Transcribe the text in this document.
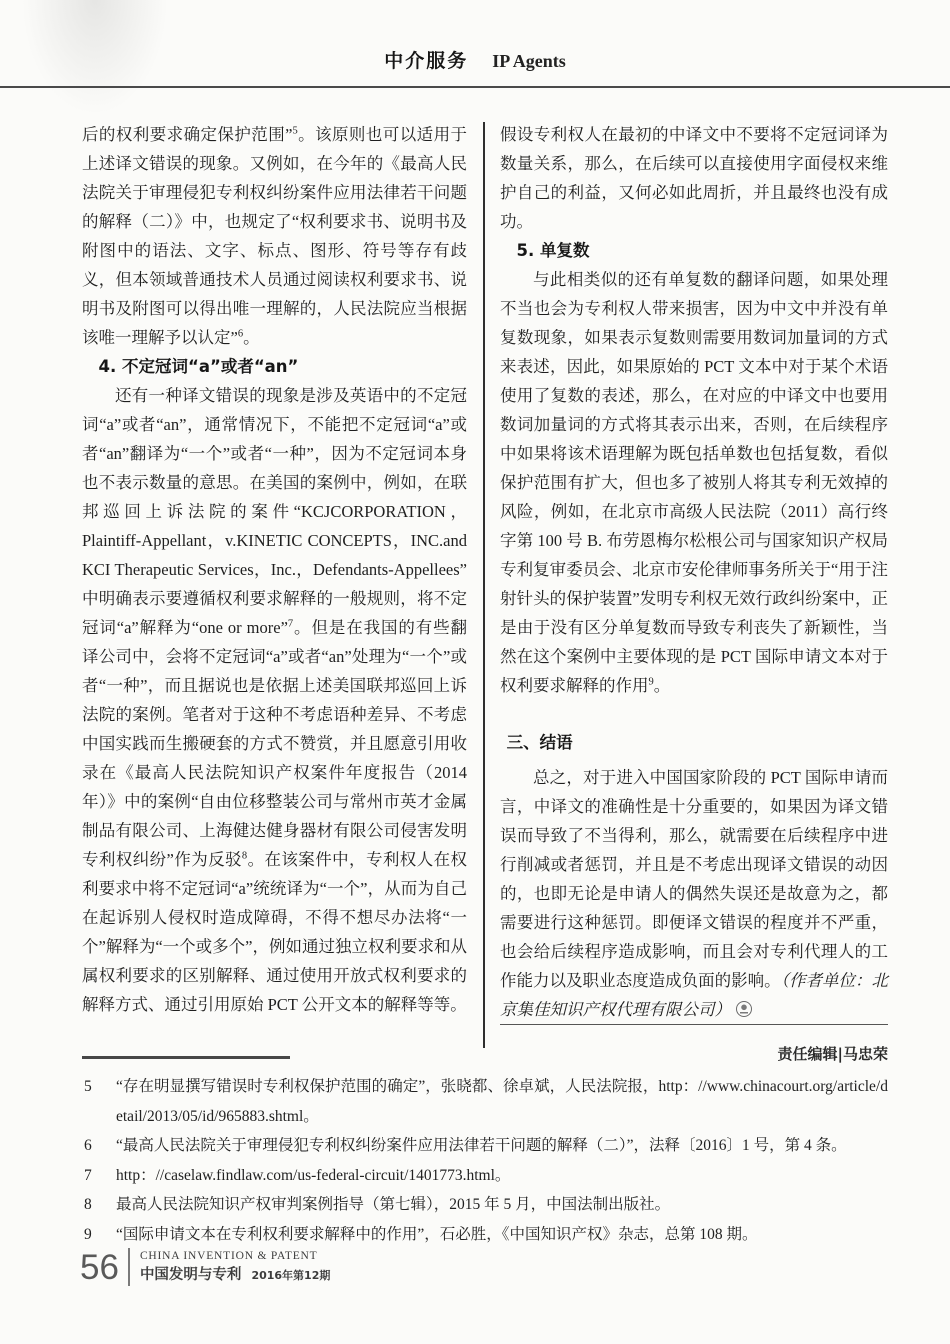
中介服务 IP Agents

后的权利要求确定保护范围”$^5$。该原则也可以适用于上述译文错误的现象。又例如，在今年的《最高人民法院关于审理侵犯专利权纠纷案件应用法律若干问题的解释（二）》中，也规定了“权利要求书、说明书及附图中的语法、文字、标点、图形、符号等存有歧义，但本领域普通技术人员通过阅读权利要求书、说明书及附图可以得出唯一理解的，人民法院应当根据该唯一理解予以认定”$^6$。

4. 不定冠词“a”或者“an”

还有一种译文错误的现象是涉及英语中的不定冠词“a”或者“an”，通常情况下，不能把不定冠词“a”或者“an”翻译为“一个”或者“一种”，因为不定冠词本身也不表示数量的意思。在美国的案例中，例如，在联邦巡回上诉法院的案件“KCJCORPORATION，Plaintiff-Appellant，v.KINETIC CONCEPTS，INC.and KCI Therapeutic Services，Inc.，Defendants-Appellees”中明确表示要遵循权利要求解释的一般规则，将不定冠词“a”解释为“one or more”$^7$。但是在我国的有些翻译公司中，会将不定冠词“a”或者“an”处理为“一个”或者“一种”，而且据说也是依据上述美国联邦巡回上诉法院的案例。笔者对于这种不考虑语种差异、不考虑中国实践而生搬硬套的方式不赞赏，并且愿意引用收录在《最高人民法院知识产权案件年度报告（2014年）》中的案例“自由位移整装公司与常州市英才金属制品有限公司、上海健达健身器材有限公司侵害发明专利权纠纷”作为反驳$^8$。在该案件中，专利权人在权利要求中将不定冠词“a”统统译为“一个”，从而为自己在起诉别人侵权时造成障碍，不得不想尽办法将“一个”解释为“一个或多个”，例如通过独立权利要求和从属权利要求的区别解释、通过使用开放式权利要求的解释方式、通过引用原始 PCT 公开文本的解释等等。

假设专利权人在最初的中译文中不要将不定冠词译为数量关系，那么，在后续可以直接使用字面侵权来维护自己的利益，又何必如此周折，并且最终也没有成功。

5. 单复数

与此相类似的还有单复数的翻译问题，如果处理不当也会为专利权人带来损害，因为中文中并没有单复数现象，如果表示复数则需要用数词加量词的方式来表述，因此，如果原始的 PCT 文本中对于某个术语使用了复数的表述，那么，在对应的中译文中也要用数词加量词的方式将其表示出来，否则，在后续程序中如果将该术语理解为既包括单数也包括复数，看似保护范围有扩大，但也多了被别人将其专利无效掉的风险，例如，在北京市高级人民法院（2011）高行终字第 100 号 B. 布劳恩梅尔松根公司与国家知识产权局专利复审委员会、北京市安伦律师事务所关于“用于注射针头的保护装置”发明专利权无效行政纠纷案中，正是由于没有区分单复数而导致专利丧失了新颖性，当然在这个案例中主要体现的是 PCT 国际申请文本对于权利要求解释的作用$^9$。

三、结语

总之，对于进入中国国家阶段的 PCT 国际申请而言，中译文的准确性是十分重要的，如果因为译文错误而导致了不当得利，那么，就需要在后续程序中进行削减或者惩罚，并且是不考虑出现译文错误的动因的，也即无论是申请人的偶然失误还是故意为之，都需要进行这种惩罚。即便译文错误的程度并不严重，也会给后续程序造成影响，而且会对专利代理人的工作能力以及职业态度造成负面的影响。（作者单位：北京集佳知识产权代理有限公司）

责任编辑|马忠荣

5 “存在明显撰写错误时专利权保护范围的确定”，张晓都、徐卓斌，人民法院报，http：//www.chinacourt.org/article/detail/2013/05/id/965883.shtml。

6 “最高人民法院关于审理侵犯专利权纠纷案件应用法律若干问题的解释（二）”，法释〔2016〕1 号，第 4 条。

7 http：//caselaw.findlaw.com/us-federal-circuit/1401773.html。

8 最高人民法院知识产权审判案例指导（第七辑），2015 年 5 月，中国法制出版社。

9 “国际申请文本在专利权利要求解释中的作用”，石必胜，《中国知识产权》杂志，总第 108 期。

56 CHINA INVENTION & PATENT
中国发明与专利 2016年第12期
